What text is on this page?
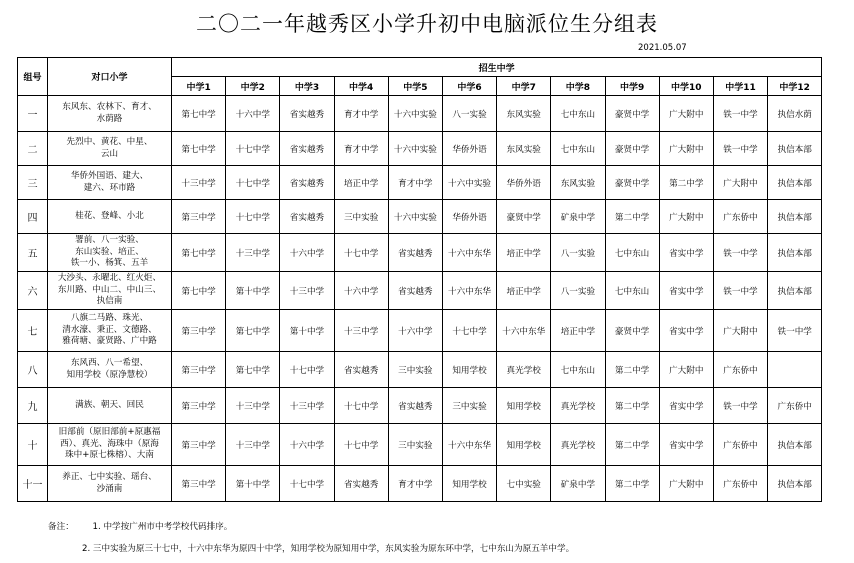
二〇二一年越秀区小学升初中电脑派位生分组表
2021.05.07
组号	对口小学	招生中学											
		中学1	中学2	中学3	中学4	中学5	中学6	中学7	中学8	中学9	中学10	中学11	中学12
一	东风东、农林下、育才、
水荫路	第七中学	十六中学	省实越秀	育才中学	十六中实验	八一实验	东风实验	七中东山	豪贤中学	广大附中	铁一中学	执信水荫
二	先烈中、黄花、中星、
云山	第七中学	十七中学	省实越秀	育才中学	十六中实验	华侨外语	东风实验	七中东山	豪贤中学	广大附中	铁一中学	执信本部
三	华侨外国语、建大、
建六、环市路	十三中学	十七中学	省实越秀	培正中学	育才中学	十六中实验	华侨外语	东风实验	豪贤中学	第二中学	广大附中	执信本部
四	桂花、登峰、小北	第三中学	十七中学	省实越秀	三中实验	十六中实验	华侨外语	豪贤中学	矿泉中学	第二中学	广大附中	广东侨中	执信本部
五	署前、八一实验、
东山实验、培正、
铁一小、杨箕、五羊	第七中学	十三中学	十六中学	十七中学	省实越秀	十六中东华	培正中学	八一实验	七中东山	省实中学	铁一中学	执信本部
六	大沙头、永曜北、红火炬、
东川路、中山二、中山三、
执信南	第七中学	第十中学	十三中学	十六中学	省实越秀	十六中东华	培正中学	八一实验	七中东山	省实中学	铁一中学	执信本部
七	八旗二马路、珠光、
清水濠、秉正、文德路、
雅荷塘、豪贤路、广中路	第三中学	第七中学	第十中学	十三中学	十六中学	十七中学	十六中东华	培正中学	豪贤中学	省实中学	广大附中	铁一中学
八	东风西、八一希望、
知用学校（原净慧校）	第三中学	第七中学	十七中学	省实越秀	三中实验	知用学校	真光学校	七中东山	第二中学	广大附中	广东侨中	
九	满族、朝天、回民	第三中学	十三中学	十三中学	十七中学	省实越秀	三中实验	知用学校	真光学校	第二中学	省实中学	铁一中学	广东侨中
十	旧部前（原旧部前+原惠福
西）、真光、海珠中（原海
珠中+原七株榕）、大南	第三中学	十三中学	十六中学	十七中学	三中实验	十六中东华	知用学校	真光学校	第二中学	省实中学	广东侨中	执信本部
十一	养正、七中实验、瑶台、
沙涌南	第三中学	第十中学	十七中学	省实越秀	育才中学	知用学校	七中实验	矿泉中学	第二中学	广大附中	广东侨中	执信本部
备注： 1. 中学按广州市中考学校代码排序。
2. 三中实验为原三十七中，十六中东华为原四十中学，知用学校为原知用中学，东风实验为原东环中学，七中东山为原五羊中学。
